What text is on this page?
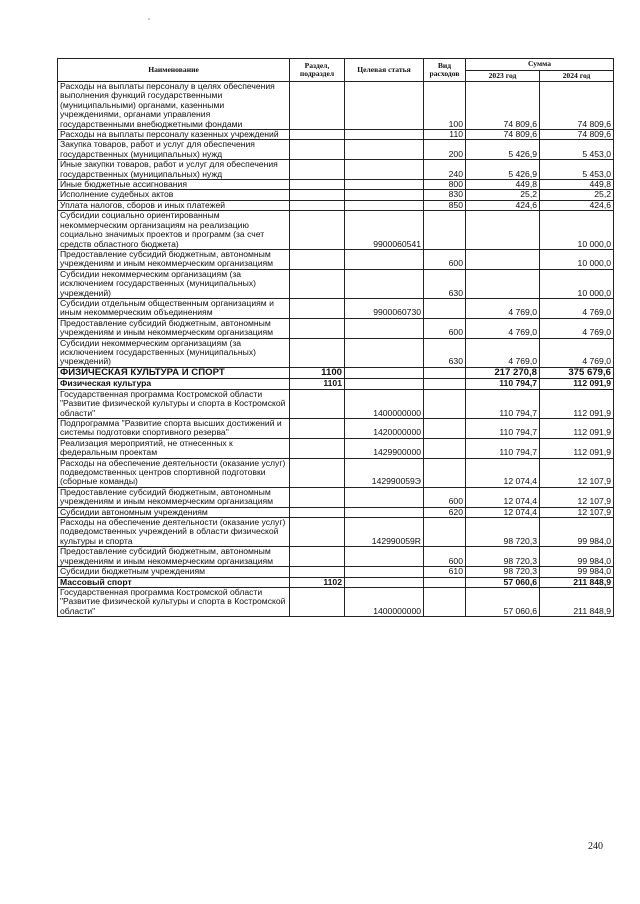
Наименование	Раздел, подраздел	Целевая статья	Вид расходов	Сумма	
				2023 год	2024 год
Расходы на выплаты персоналу в целях обеспечения выполнения функций государственными (муниципальными) органами, казенными учреждениями, органами управления государственными внебюджетными фондами			100	74 809,6	74 809,6
Расходы на выплаты персоналу казенных учреждений			110	74 809,6	74 809,6
Закупка товаров, работ и услуг для обеспечения государственных (муниципальных) нужд			200	5 426,9	5 453,0
Иные закупки товаров, работ и услуг для обеспечения государственных (муниципальных) нужд			240	5 426,9	5 453,0
Иные бюджетные ассигнования			800	449,8	449,8
Исполнение судебных актов			830	25,2	25,2
Уплата налогов, сборов и иных платежей			850	424,6	424,6
Субсидии социально ориентированным некоммерческим организациям на реализацию социально значимых проектов и программ (за счет средств областного бюджета)		9900060541			10 000,0
Предоставление субсидий бюджетным, автономным учреждениям и иным некоммерческим организациям			600		10 000,0
Субсидии некоммерческим организациям (за исключением государственных (муниципальных) учреждений)			630		10 000,0
Субсидии отдельным общественным организациям и иным некоммерческим объединениям		9900060730		4 769,0	4 769,0
Предоставление субсидий бюджетным, автономным учреждениям и иным некоммерческим организациям			600	4 769,0	4 769,0
Субсидии некоммерческим организациям (за исключением государственных (муниципальных) учреждений)			630	4 769,0	4 769,0
ФИЗИЧЕСКАЯ КУЛЬТУРА И СПОРТ	1100			217 270,8	375 679,6
Физическая культура	1101			110 794,7	112 091,9
Государственная программа Костромской области "Развитие физической культуры и спорта в Костромской области"		1400000000		110 794,7	112 091,9
Подпрограмма "Развитие спорта высших достижений и системы подготовки спортивного резерва"		1420000000		110 794,7	112 091,9
Реализация мероприятий, не отнесенных к федеральным проектам		1429900000		110 794,7	112 091,9
Расходы на обеспечение деятельности (оказание услуг) подведомственных центров спортивной подготовки (сборные команды)		142990059Э		12 074,4	12 107,9
Предоставление субсидий бюджетным, автономным учреждениям и иным некоммерческим организациям			600	12 074,4	12 107,9
Субсидии автономным учреждениям			620	12 074,4	12 107,9
Расходы на обеспечение деятельности (оказание услуг) подведомственных учреждений в области физической культуры и спорта		142990059R		98 720,3	99 984,0
Предоставление субсидий бюджетным, автономным учреждениям и иным некоммерческим организациям			600	98 720,3	99 984,0
Субсидии бюджетным учреждениям			610	98 720,3	99 984,0
Массовый спорт	1102			57 060,6	211 848,9
Государственная программа Костромской области "Развитие физической культуры и спорта в Костромской области"		1400000000		57 060,6	211 848,9
240
